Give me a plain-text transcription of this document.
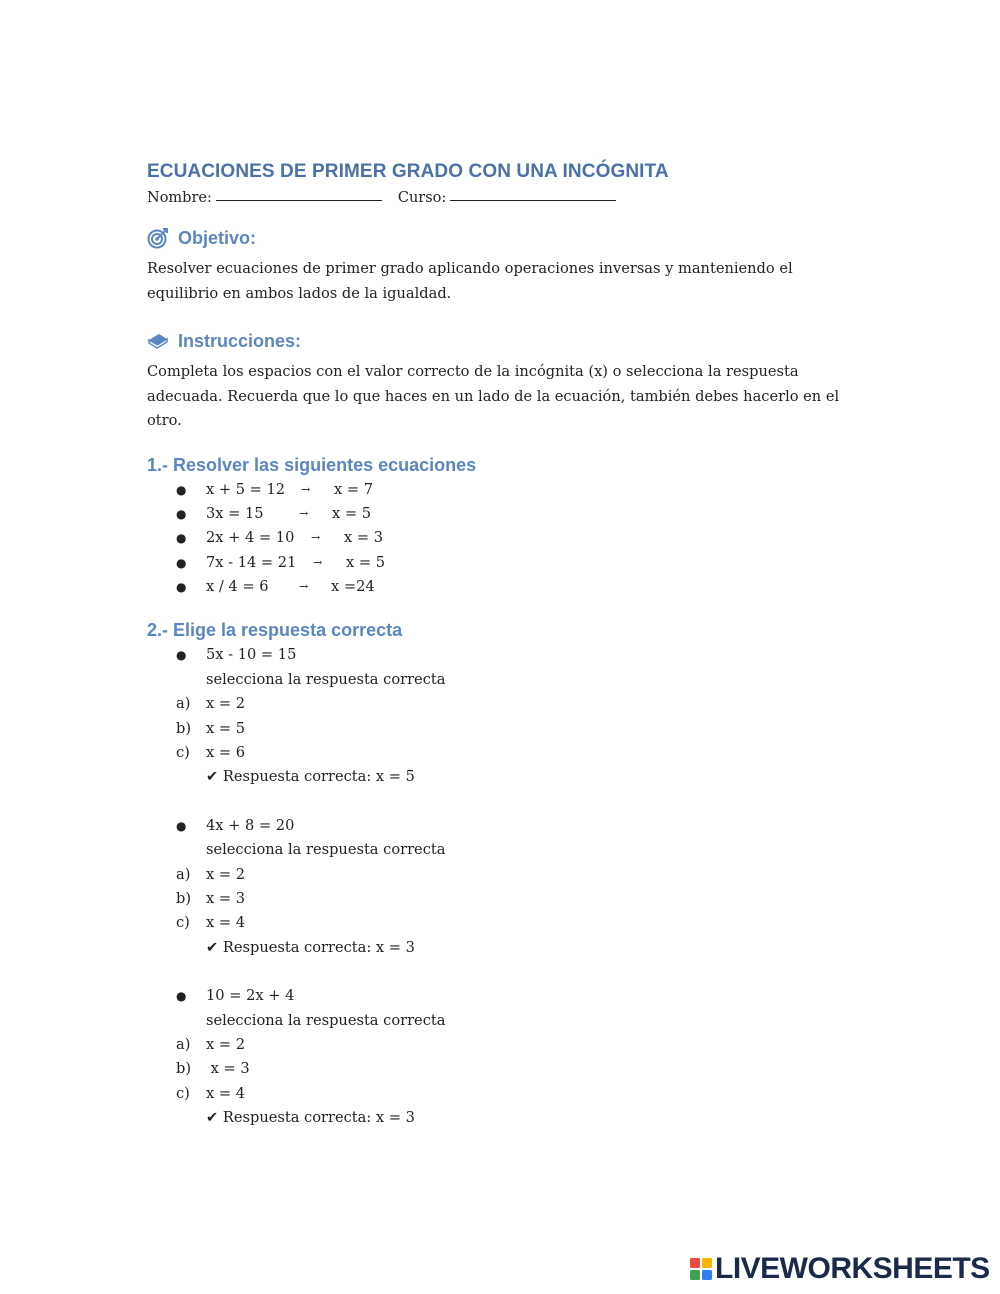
ECUACIONES DE PRIMER GRADO CON UNA INCÓGNITA
Nombre:	Curso:
Objetivo:
Resolver ecuaciones de primer grado aplicando operaciones inversas y manteniendo el equilibrio en ambos lados de la igualdad.
Instrucciones:
Completa los espacios con el valor correcto de la incógnita (x) o selecciona la respuesta adecuada. Recuerda que lo que haces en un lado de la ecuación, también debes hacerlo en el otro.
1.- Resolver las siguientes ecuaciones
● x + 5 = 12 → x = 7
● 3x = 15	→ x = 5
● 2x + 4 = 10 → x = 3
● 7x - 14 = 21 → x = 5
● x / 4 = 6	→ x =24
2.- Elige la respuesta correcta
● 5x - 10 = 15
selecciona la respuesta correcta
a) x = 2
b) x = 5
c) x = 6
✔ Respuesta correcta: x = 5
● 4x + 8 = 20
selecciona la respuesta correcta
a) x = 2
b) x = 3
c) x = 4
✔ Respuesta correcta: x = 3
● 10 = 2x + 4
selecciona la respuesta correcta
a) x = 2
b) x = 3
c) x = 4
✔ Respuesta correcta: x = 3
LIVEWORKSHEETS
